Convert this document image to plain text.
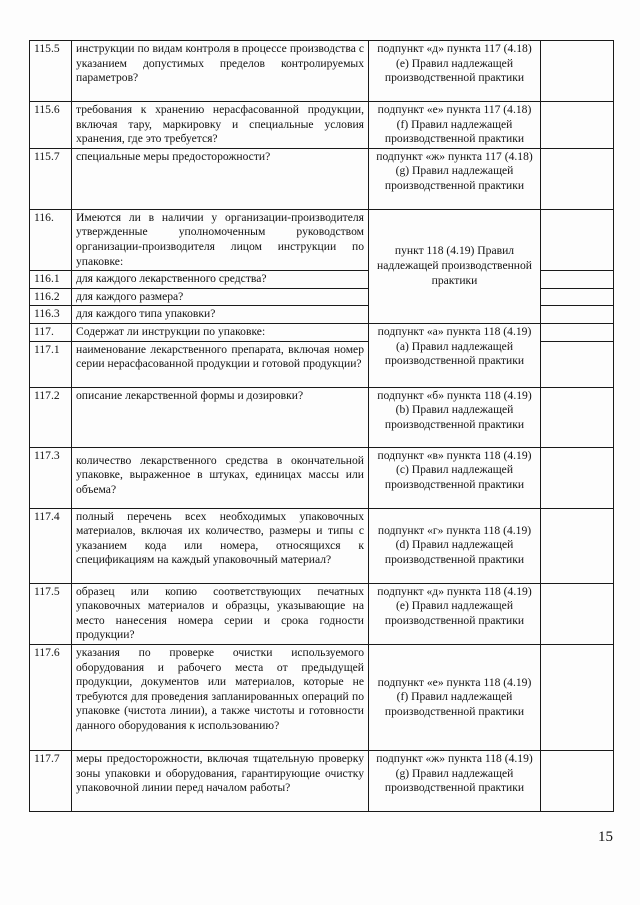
115.5	инструкции по видам контроля в процессе производства с указанием допустимых пределов контролируемых параметров?	подпункт «д» пункта 117 (4.18) (е) Правил надлежащей производственной практики	
115.6	требования к хранению нерасфасованной продукции, включая тару, маркировку и специальные условия хранения, где это требуется?	подпункт «е» пункта 117 (4.18) (f) Правил надлежащей производственной практики	
115.7	специальные меры предосторожности?	подпункт «ж» пункта 117 (4.18) (g) Правил надлежащей производственной практики	
116.	Имеются ли в наличии у организации-производителя утвержденные уполномоченным руководством организации-производителя лицом инструкции по упаковке:	пункт 118 (4.19) Правил надлежащей производственной практики	
116.1	для каждого лекарственного средства?		
116.2	для каждого размера?		
116.3	для каждого типа упаковки?		
117.	Содержат ли инструкции по упаковке:	подпункт «а» пункта 118 (4.19) (а) Правил надлежащей производственной практики	
117.1	наименование лекарственного препарата, включая номер серии нерасфасованной продукции и готовой продукции?		
117.2	описание лекарственной формы и дозировки?	подпункт «б» пункта 118 (4.19) (b) Правил надлежащей производственной практики	
117.3	количество лекарственного средства в окончательной упаковке, выраженное в штуках, единицах массы или объема?	подпункт «в» пункта 118 (4.19) (с) Правил надлежащей производственной практики	
117.4	полный перечень всех необходимых упаковочных материалов, включая их количество, размеры и типы с указанием кода или номера, относящихся к спецификациям на каждый упаковочный материал?	подпункт «г» пункта 118 (4.19) (d) Правил надлежащей производственной практики	
117.5	образец или копию соответствующих печатных упаковочных материалов и образцы, указывающие на место нанесения номера серии и срока годности продукции?	подпункт «д» пункта 118 (4.19) (е) Правил надлежащей производственной практики	
117.6	указания по проверке очистки используемого оборудования и рабочего места от предыдущей продукции, документов или материалов, которые не требуются для проведения запланированных операций по упаковке (чистота линии), а также чистоты и готовности данного оборудования к использованию?	подпункт «е» пункта 118 (4.19) (f) Правил надлежащей производственной практики	
117.7	меры предосторожности, включая тщательную проверку зоны упаковки и оборудования, гарантирующие очистку упаковочной линии перед началом работы?	подпункт «ж» пункта 118 (4.19) (g) Правил надлежащей производственной практики	
15
